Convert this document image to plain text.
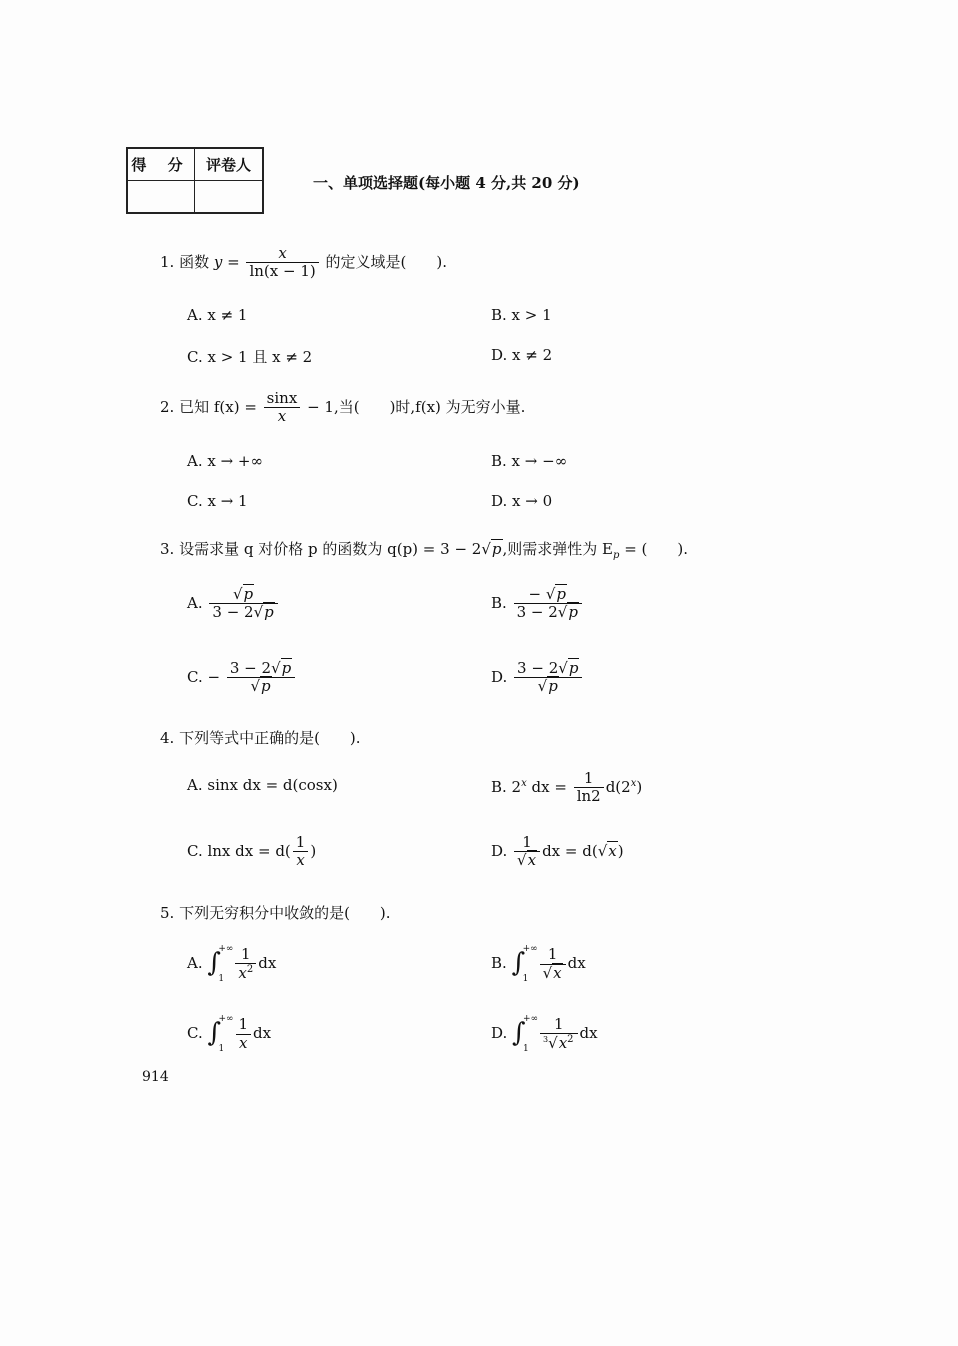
得 分	评卷人

一、单项选择题(每小题 4 分,共 20 分)
1. 函数 $y = \frac{x}{\ln(x - 1)}$ 的定义域是(　　).
A. x ≠ 1	B. x > 1
C. x > 1 且 x ≠ 2	D. x ≠ 2
2. 已知 $f(x) = \frac{\sin x}{x} - 1$,当(　　)时,f(x) 为无穷小量.
A. x → +∞	B. x → −∞
C. x → 1	D. x → 0
3. 设需求量 q 对价格 p 的函数为 q(p) = 3 − 2√p,则需求弹性为 $E_p$ = (　　).
A. $\frac{√p}{3 - 2√p}$	B. $\frac{- √p}{3 - 2√p}$
C. − $\frac{3 - 2√p}{√p}$	D. $\frac{3 - 2√p}{√p}$
4. 下列等式中正确的是(　　).
A. sinx dx = d(cosx)	B. 2$^x$ dx = $\frac{1}{\ln 2} d(2^x)$
C. lnx dx = $d( \frac{1}{x}$ )	D. $\frac{1}{√x}$ dx = d(√x)
5. 下列无穷积分中收敛的是(　　).
A. ∫
+∞
$1 \frac{1}{x^2}$ dx	B. ∫
+∞
$1 \frac{1}{√x}$ dx
C. ∫
+∞
$1 \frac{1}{x}$ dx	D. ∫
+∞
$1 \frac{1}{^3√x^2}$ dx
914
